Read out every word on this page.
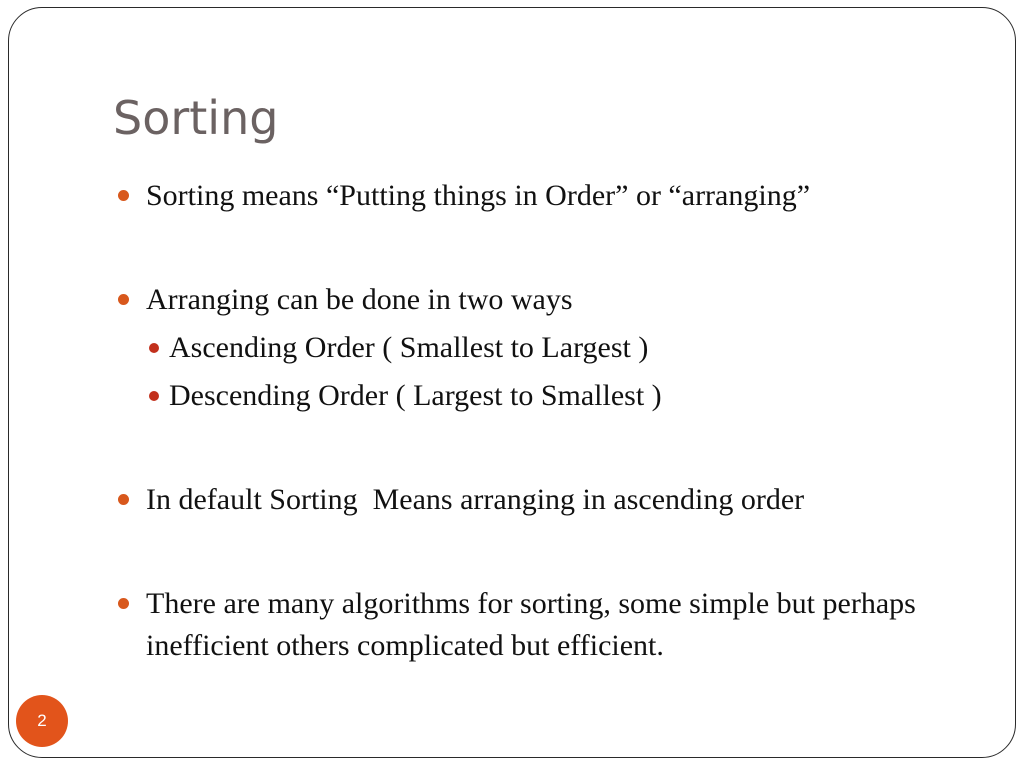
Sorting
Sorting means “Putting things in Order” or “arranging”
Arranging can be done in two ways
Ascending Order ( Smallest to Largest )
Descending Order ( Largest to Smallest )
In default Sorting  Means arranging in ascending order
There are many algorithms for sorting, some simple but perhaps inefficient others complicated but efficient.
2
